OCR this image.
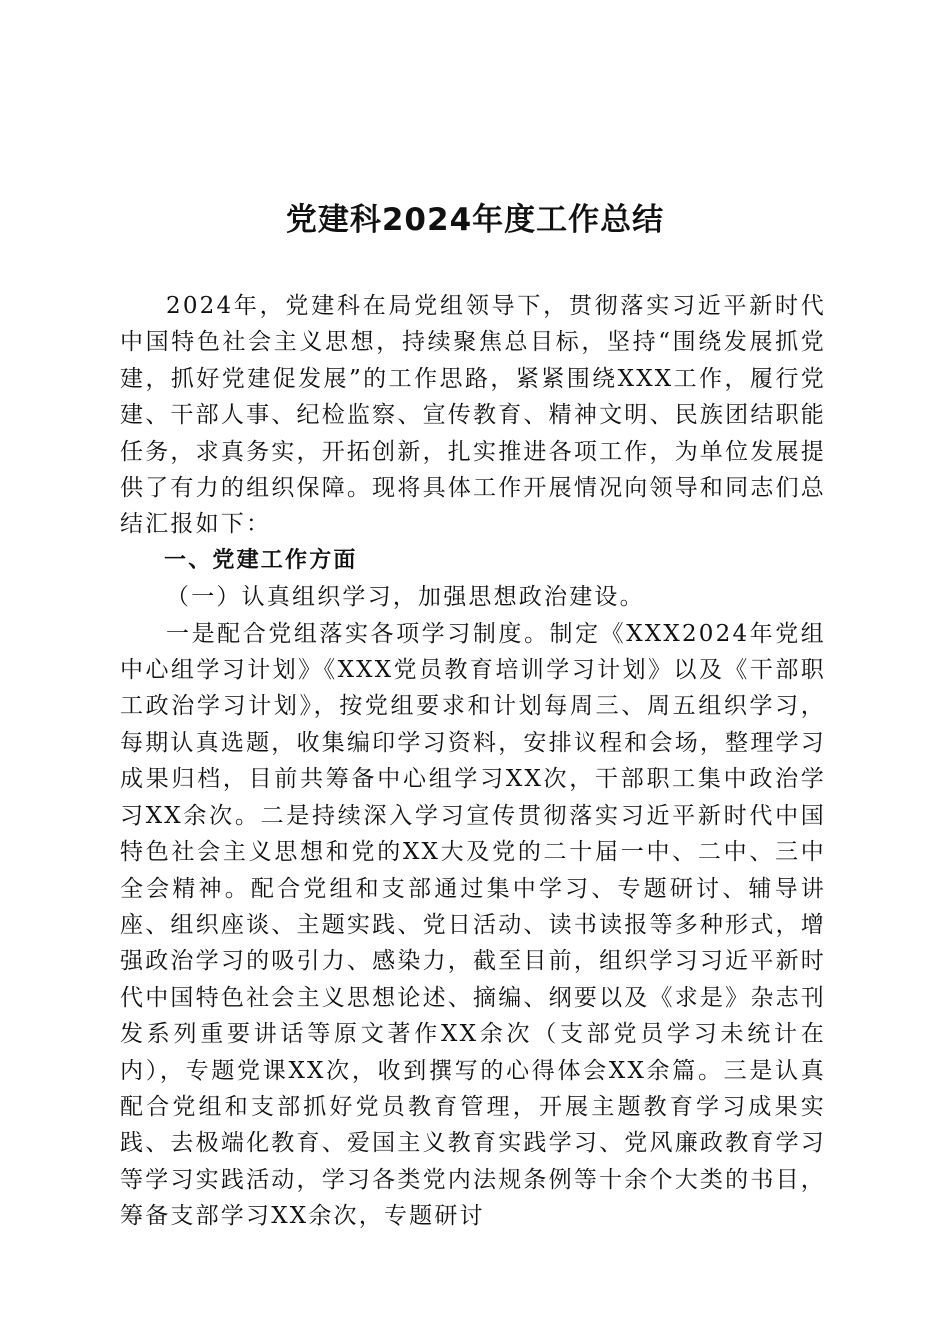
党建科2024年度工作总结

2024年，党建科在局党组领导下，贯彻落实习近平新时代中国特色社会主义思想，持续聚焦总目标，坚持“围绕发展抓党建，抓好党建促发展”的工作思路，紧紧围绕XXX工作，履行党建、干部人事、纪检监察、宣传教育、精神文明、民族团结职能任务，求真务实，开拓创新，扎实推进各项工作，为单位发展提供了有力的组织保障。现将具体工作开展情况向领导和同志们总结汇报如下：

一、党建工作方面

（一）认真组织学习，加强思想政治建设。

一是配合党组落实各项学习制度。制定《XXX2024年党组中心组学习计划》《XXX党员教育培训学习计划》以及《干部职工政治学习计划》，按党组要求和计划每周三、周五组织学习，每期认真选题，收集编印学习资料，安排议程和会场，整理学习成果归档，目前共筹备中心组学习XX次，干部职工集中政治学习XX余次。二是持续深入学习宣传贯彻落实习近平新时代中国特色社会主义思想和党的XX大及党的二十届一中、二中、三中全会精神。配合党组和支部通过集中学习、专题研讨、辅导讲座、组织座谈、主题实践、党日活动、读书读报等多种形式，增强政治学习的吸引力、感染力，截至目前，组织学习习近平新时代中国特色社会主义思想论述、摘编、纲要以及《求是》杂志刊发系列重要讲话等原文著作XX余次（支部党员学习未统计在内），专题党课XX次，收到撰写的心得体会XX余篇。三是认真配合党组和支部抓好党员教育管理，开展主题教育学习成果实践、去极端化教育、爱国主义教育实践学习、党风廉政教育学习等学习实践活动，学习各类党内法规条例等十余个大类的书目，筹备支部学习XX余次，专题研讨
